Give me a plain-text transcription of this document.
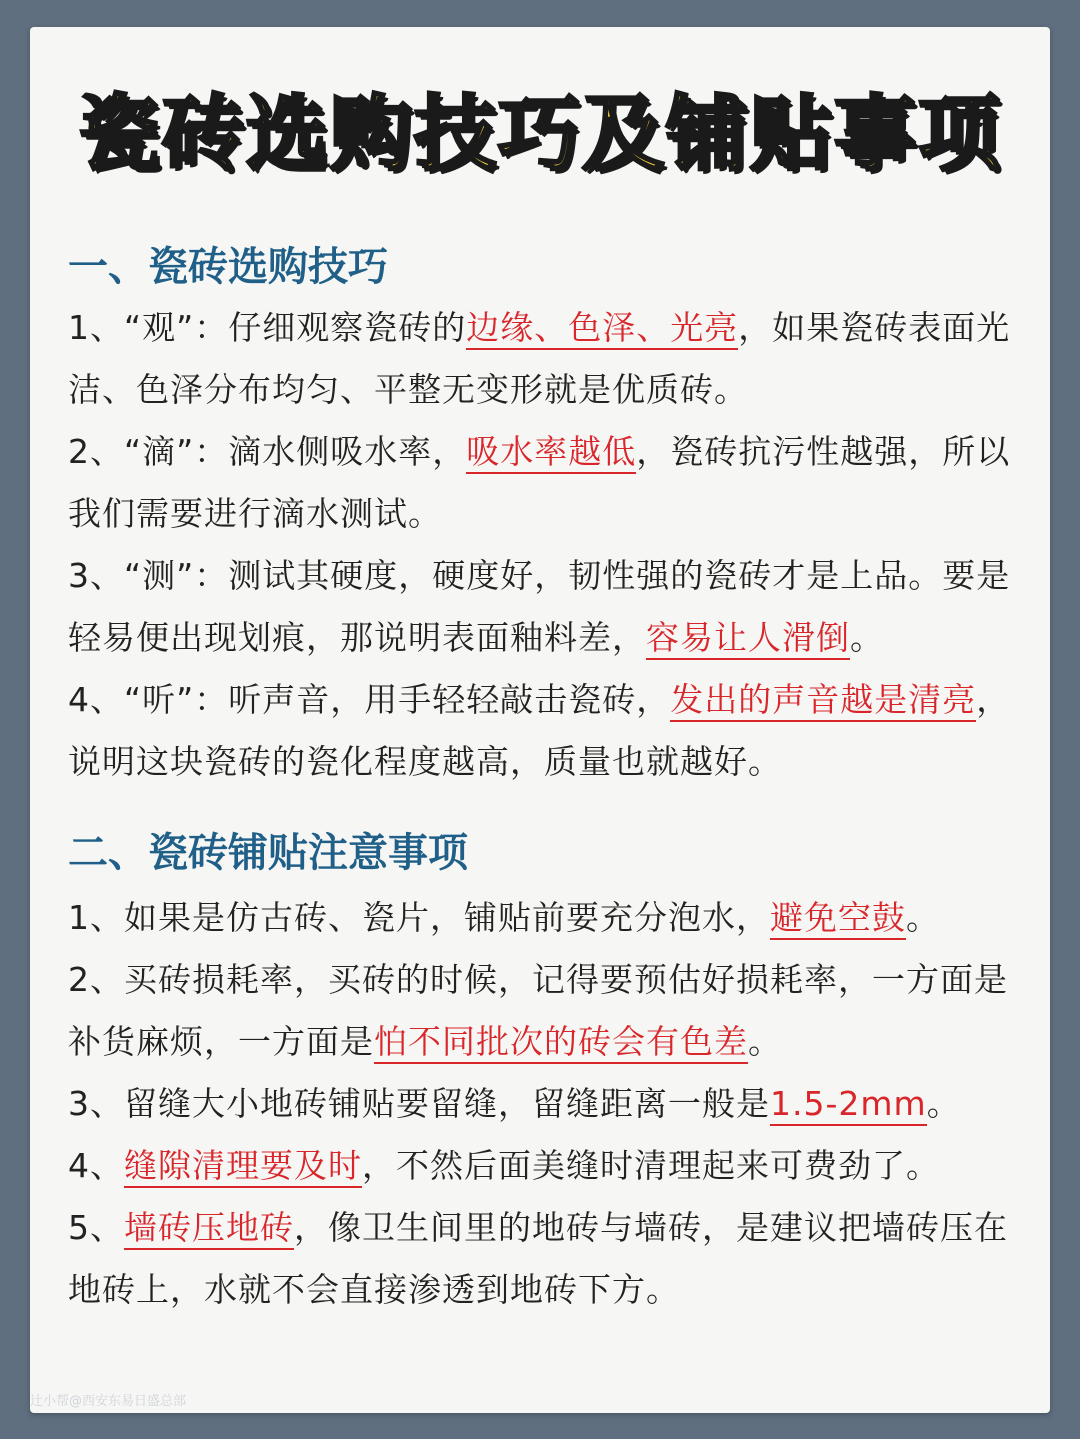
瓷砖选购技巧及铺贴事项
一、瓷砖选购技巧
1、“观”：仔细观察瓷砖的边缘、色泽、光亮，如果瓷砖表面光洁、色泽分布均匀、平整无变形就是优质砖。
2、“滴”：滴水侧吸水率，吸水率越低，瓷砖抗污性越强，所以我们需要进行滴水测试。
3、“测”：测试其硬度，硬度好，韧性强的瓷砖才是上品。要是轻易便出现划痕，那说明表面釉料差，容易让人滑倒。
4、“听”：听声音，用手轻轻敲击瓷砖，发出的声音越是清亮，说明这块瓷砖的瓷化程度越高，质量也就越好。
二、瓷砖铺贴注意事项
1、如果是仿古砖、瓷片，铺贴前要充分泡水，避免空鼓。
2、买砖损耗率，买砖的时候，记得要预估好损耗率，一方面是补货麻烦，一方面是怕不同批次的砖会有色差。
3、留缝大小地砖铺贴要留缝，留缝距离一般是1.5-2mm。
4、缝隙清理要及时，不然后面美缝时清理起来可费劲了。
5、墙砖压地砖，像卫生间里的地砖与墙砖，是建议把墙砖压在地砖上，水就不会直接渗透到地砖下方。
辻小帮@西安东易日盛总部
